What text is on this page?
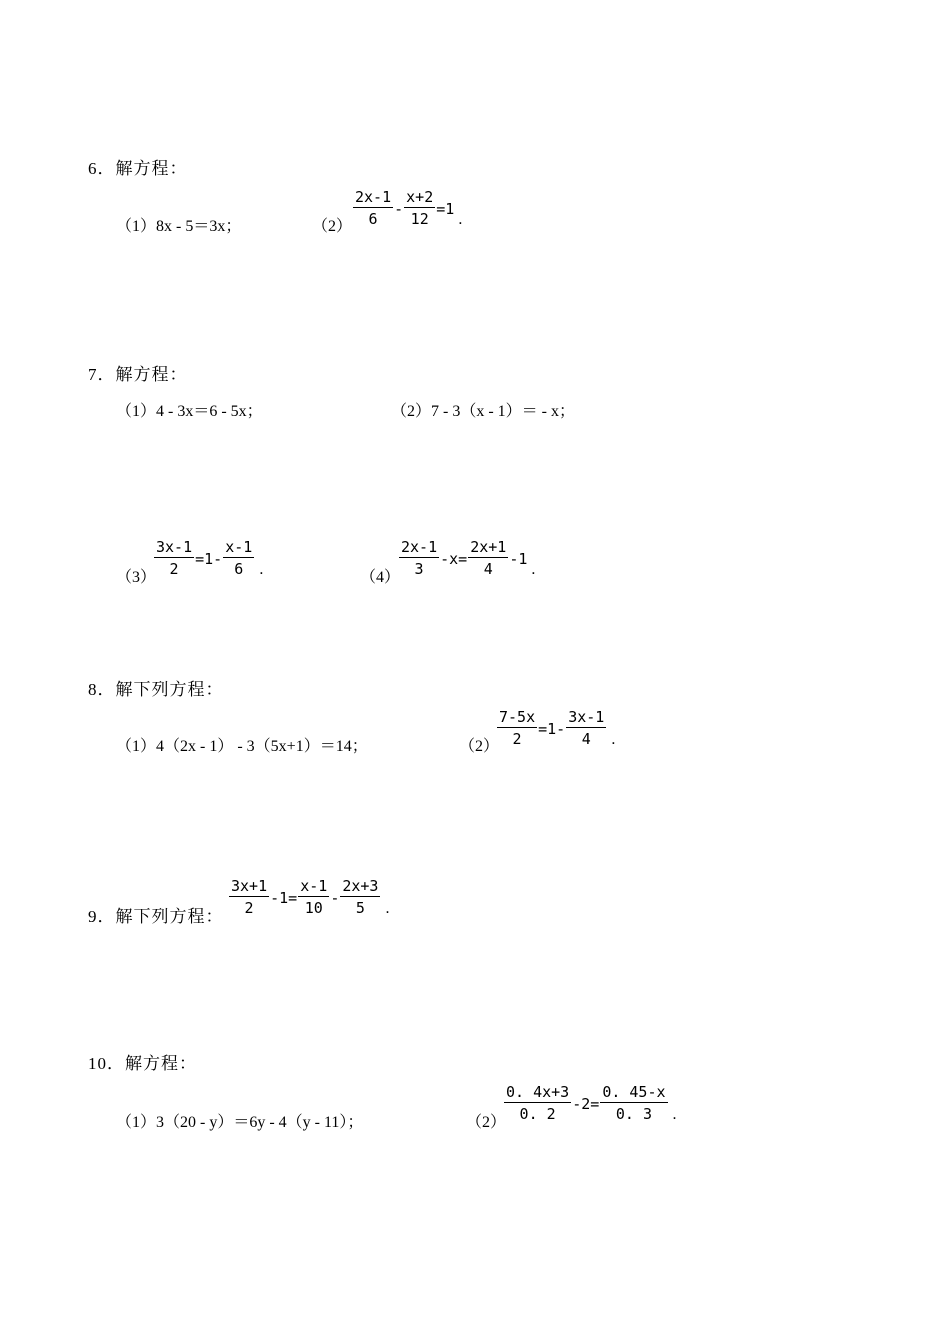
6．解方程：
（1）8x - 5＝3x；	$(2) \frac{2x-1}{6} - \frac{x+2}{12} =1$
.
7．解方程：
（1）4 - 3x＝6 - 5x；	（2）7 - 3（x - 1）＝ - x；
（3）
$\frac{3x-1}{2} =1- \frac{x-1}{6}$ .	（4）
$\frac{2x-1}{3} -x= \frac{2x+1}{4} -1$
.
8．解下列方程：
（1）4（2x - 1） - 3（5x+1）＝14；	（2）
$\frac{7-5x}{2} =1- \frac{3x-1}{4}$ .
9．解下列方程： $\frac{3x+1}{2} -1= \frac{x-1}{10} - \frac{2x+3}{5}$ .
10．解方程：
（1）3（20 - y）＝6y - 4（y - 11）；	（2）
$\frac{0. 4x+3}{0. 2} -2= \frac{0. 45-x}{0. 3}$ .
